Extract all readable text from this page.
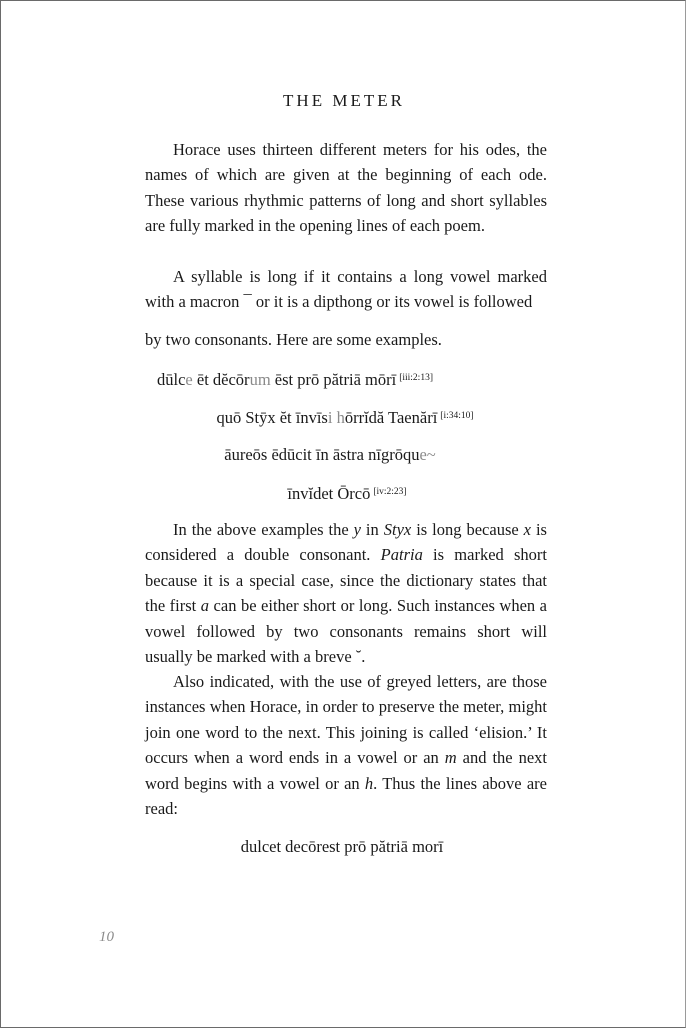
THE METER

Horace uses thirteen different meters for his odes, the names of which are given at the beginning of each ode. These various rhythmic patterns of long and short syllables are fully marked in the opening lines of each poem.

A syllable is long if it contains a long vowel marked with a macron ¯ or it is a dipthong or its vowel is followed

by two consonants. Here are some examples.

dūlce ēt dĕcōrum ēst prō pătriā mōrī [iii:2:13]
quō Stȳx ĕt īnvīsi hōrrĭdă Taenărī [i:34:10]
āureōs ēdūcit īn āstra nīgrōque~
īnvĭdet Ōrcō [iv:2:23]

In the above examples the y in Styx is long because x is considered a double consonant. Patria is marked short because it is a special case, since the dictionary states that the first a can be either short or long. Such instances when a vowel followed by two consonants remains short will usually be marked with a breve ˘.

Also indicated, with the use of greyed letters, are those instances when Horace, in order to preserve the meter, might join one word to the next. This joining is called ‘elision.’ It occurs when a word ends in a vowel or an m and the next word begins with a vowel or an h. Thus the lines above are read:

dulcet decōrest prō pătriā morī
10
